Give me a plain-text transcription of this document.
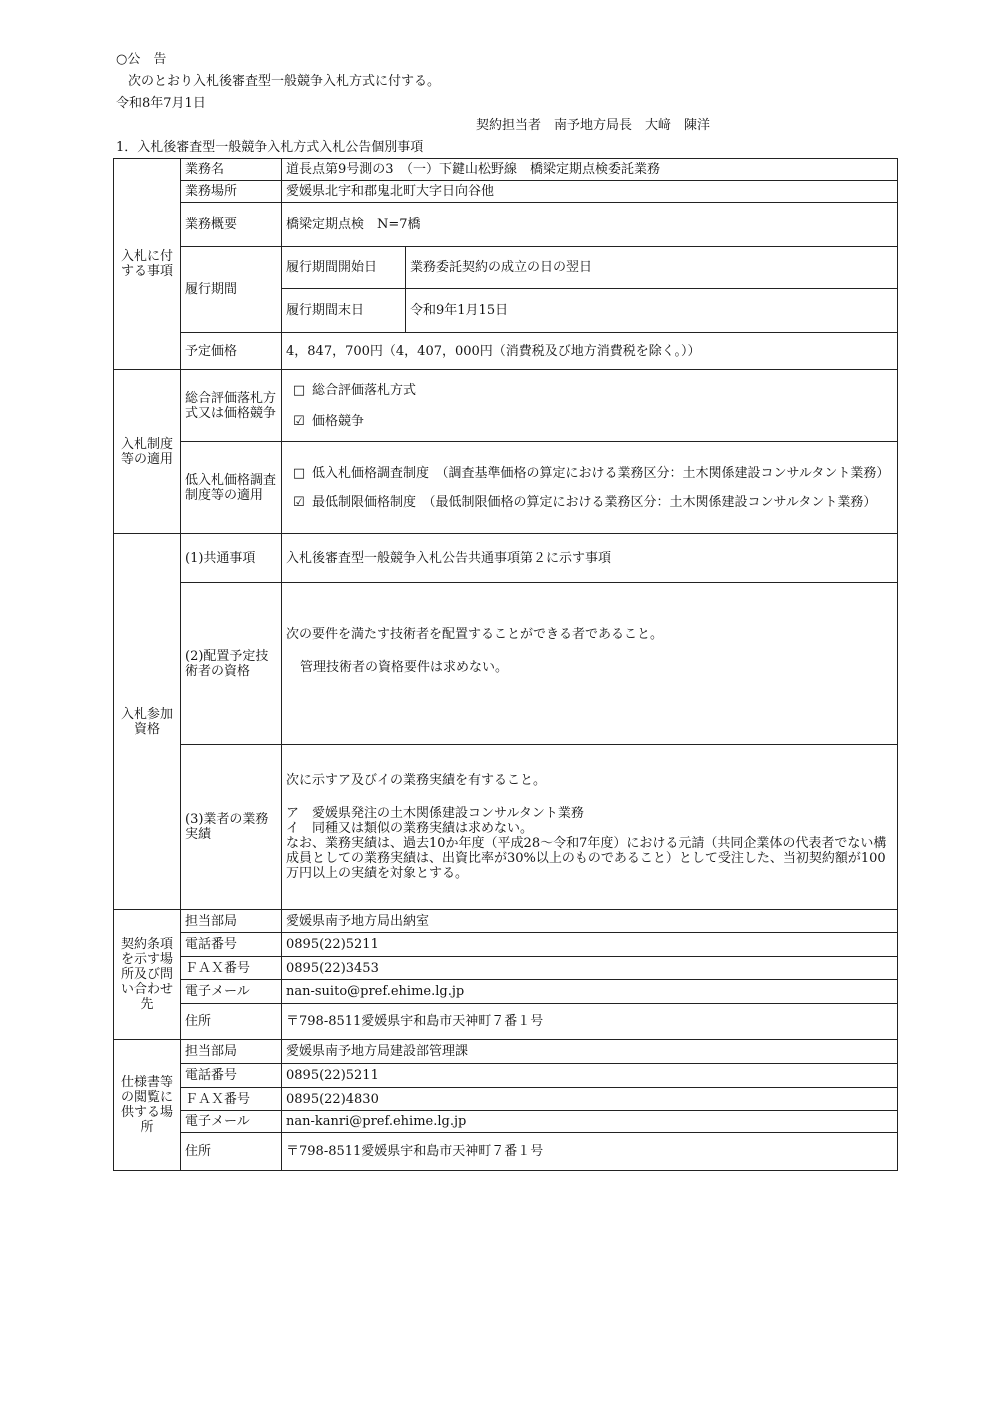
○公　告
次のとおり入札後審査型一般競争入札方式に付する。
令和8年7月1日
契約担当者　南予地方局長　大﨑　陳洋
1．入札後審査型一般競争入札方式入札公告個別事項
入札に付する事項	業務名	道長点第9号測の3　（一）下鍵山松野線　橋梁定期点検委託業務	
	業務場所	愛媛県北宇和郡鬼北町大字日向谷他	
	業務概要	橋梁定期点検　N=7橋	
	履行期間	履行期間開始日	業務委託契約の成立の日の翌日
		履行期間末日	令和9年1月15日
	予定価格	4，847，700円（4，407，000円（消費税及び地方消費税を除く。））	
入札制度等の適用	総合評価落札方式又は価格競争	□ 総合評価落札方式
☑ 価格競争	

	低入札価格調査制度等の適用	□ 低入札価格調査制度　（調査基準価格の算定における業務区分：土木関係建設コンサルタント業務）
☑ 最低制限価格制度　（最低制限価格の算定における業務区分：土木関係建設コンサルタント業務）	

入札参加資格	(1)共通事項	入札後審査型一般競争入札公告共通事項第２に示す事項	
	(2)配置予定技術者の資格	次の要件を満たす技術者を配置することができる者であること。
管理技術者の資格要件は求めない。	

	(3)業者の業務実績	次に示すア及びイの業務実績を有すること。
ア　愛媛県発注の土木関係建設コンサルタント業務
イ　同種又は類似の業務実績は求めない。
なお、業務実績は、過去10か年度（平成28～令和7年度）における元請（共同企業体の代表者でない構成員としての業務実績は、出資比率が30%以上のものであること）として受注した、当初契約額が100万円以上の実績を対象とする。	

契約条項を示す場所及び問い合わせ先	担当部局	愛媛県南予地方局出納室	
	電話番号	0895(22)5211	
	ＦＡＸ番号	0895(22)3453	
	電子メール	nan-suito@pref.ehime.lg.jp	
	住所	〒798-8511愛媛県宇和島市天神町７番１号	
仕様書等の閲覧に供する場所	担当部局	愛媛県南予地方局建設部管理課	
	電話番号	0895(22)5211	
	ＦＡＸ番号	0895(22)4830	
	電子メール	nan-kanri@pref.ehime.lg.jp	
	住所	〒798-8511愛媛県宇和島市天神町７番１号	
